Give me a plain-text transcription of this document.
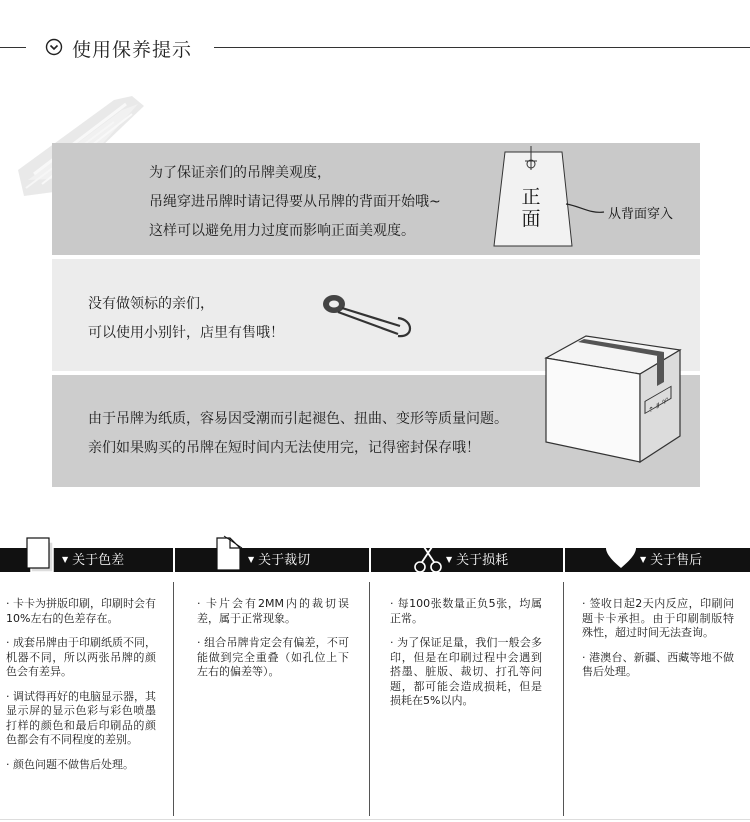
使用保养提示
为了保证亲们的吊牌美观度，
吊绳穿进吊牌时请记得要从吊牌的背面开始哦~
这样可以避免用力过度而影响正面美观度。
正
面	从背面穿入
没有做领标的亲们，
可以使用小别针，店里有售哦！
由于吊牌为纸质，容易因受潮而引起褪色、扭曲、变形等质量问题。
亲们如果购买的吊牌在短时间内无法使用完，记得密封保存哦！
⇡ Ⅱ ♈
▼ 关于色差	▼ 关于裁切	▼ 关于损耗	▼ 关于售后

· 卡卡为拼版印刷，印刷时会有10%左右的色差存在。

· 成套吊牌由于印刷纸质不同，机器不同，所以两张吊牌的颜色会有差异。

· 调试得再好的电脑显示器，其显示屏的显示色彩与彩色喷墨打样的颜色和最后印刷品的颜色都会有不同程度的差别。

· 颜色问题不做售后处理。

· 卡片会有2MM内的裁切误差，属于正常现象。

· 组合吊牌肯定会有偏差，不可能做到完全重叠（如孔位上下左右的偏差等）。

· 每100张数量正负5张，均属正常。

· 为了保证足量，我们一般会多印，但是在印刷过程中会遇到搭墨、脏版、裁切、打孔等问题，都可能会造成损耗，但是损耗在5%以内。

· 签收日起2天内反应，印刷问题卡卡承担。由于印刷制版特殊性，超过时间无法查询。

· 港澳台、新疆、西藏等地不做售后处理。
